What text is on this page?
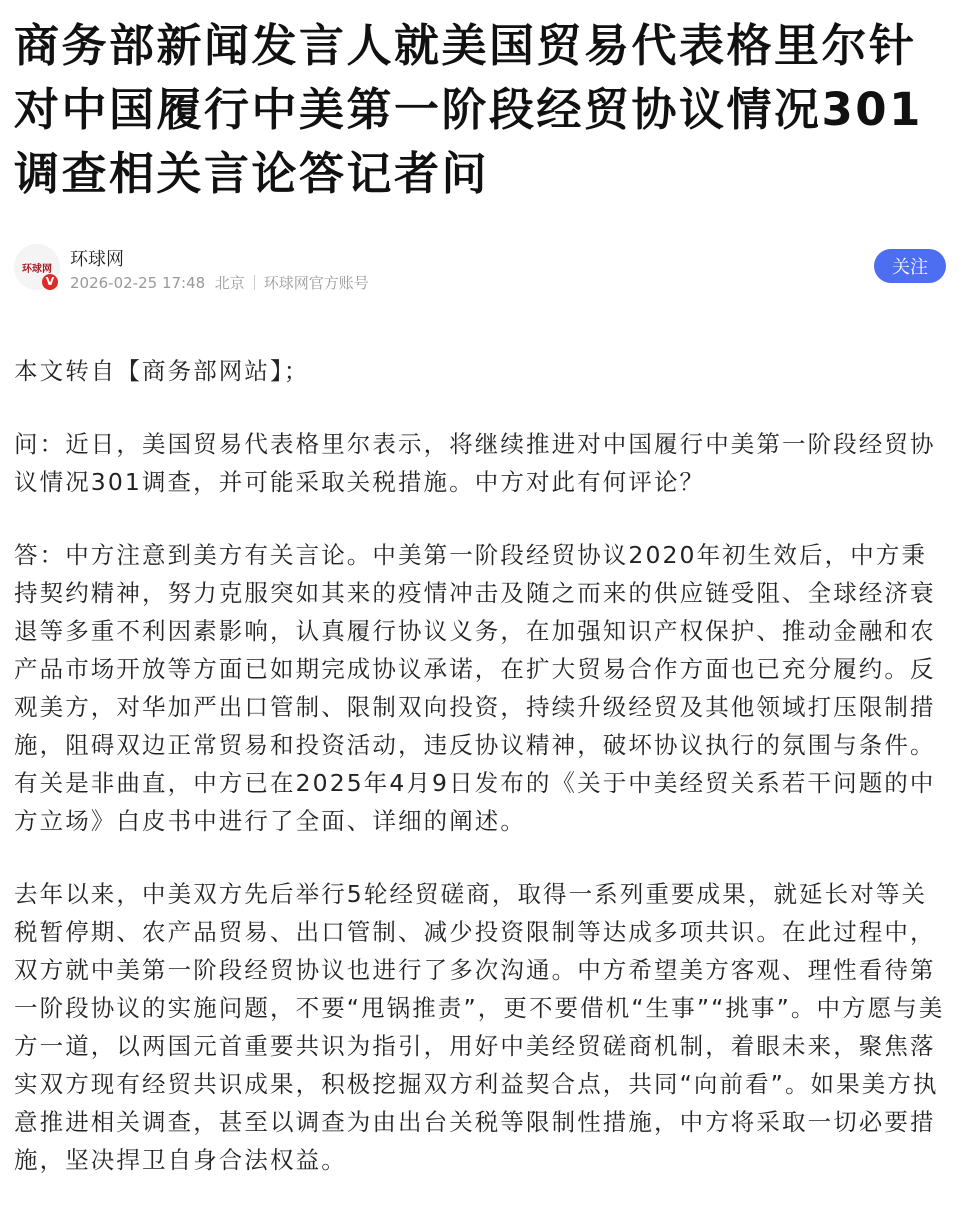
商务部新闻发言人就美国贸易代表格里尔针对中国履行中美第一阶段经贸协议情况301调查相关言论答记者问
环球网
V
环球网
2026-02-25 17:48 北京 环球网官方账号
关注

本文转自【商务部网站】；

问：近日，美国贸易代表格里尔表示，将继续推进对中国履行中美第一阶段经贸协议情况301调查，并可能采取关税措施。中方对此有何评论？

答：中方注意到美方有关言论。中美第一阶段经贸协议2020年初生效后，中方秉持契约精神，努力克服突如其来的疫情冲击及随之而来的供应链受阻、全球经济衰退等多重不利因素影响，认真履行协议义务，在加强知识产权保护、推动金融和农产品市场开放等方面已如期完成协议承诺，在扩大贸易合作方面也已充分履约。反观美方，对华加严出口管制、限制双向投资，持续升级经贸及其他领域打压限制措施，阻碍双边正常贸易和投资活动，违反协议精神，破坏协议执行的氛围与条件。有关是非曲直，中方已在2025年4月9日发布的《关于中美经贸关系若干问题的中方立场》白皮书中进行了全面、详细的阐述。

去年以来，中美双方先后举行5轮经贸磋商，取得一系列重要成果，就延长对等关税暂停期、农产品贸易、出口管制、减少投资限制等达成多项共识。在此过程中，双方就中美第一阶段经贸协议也进行了多次沟通。中方希望美方客观、理性看待第一阶段协议的实施问题，不要“甩锅推责”，更不要借机“生事”“挑事”。中方愿与美方一道，以两国元首重要共识为指引，用好中美经贸磋商机制，着眼未来，聚焦落实双方现有经贸共识成果，积极挖掘双方利益契合点，共同“向前看”。如果美方执意推进相关调查，甚至以调查为由出台关税等限制性措施，中方将采取一切必要措施，坚决捍卫自身合法权益。
